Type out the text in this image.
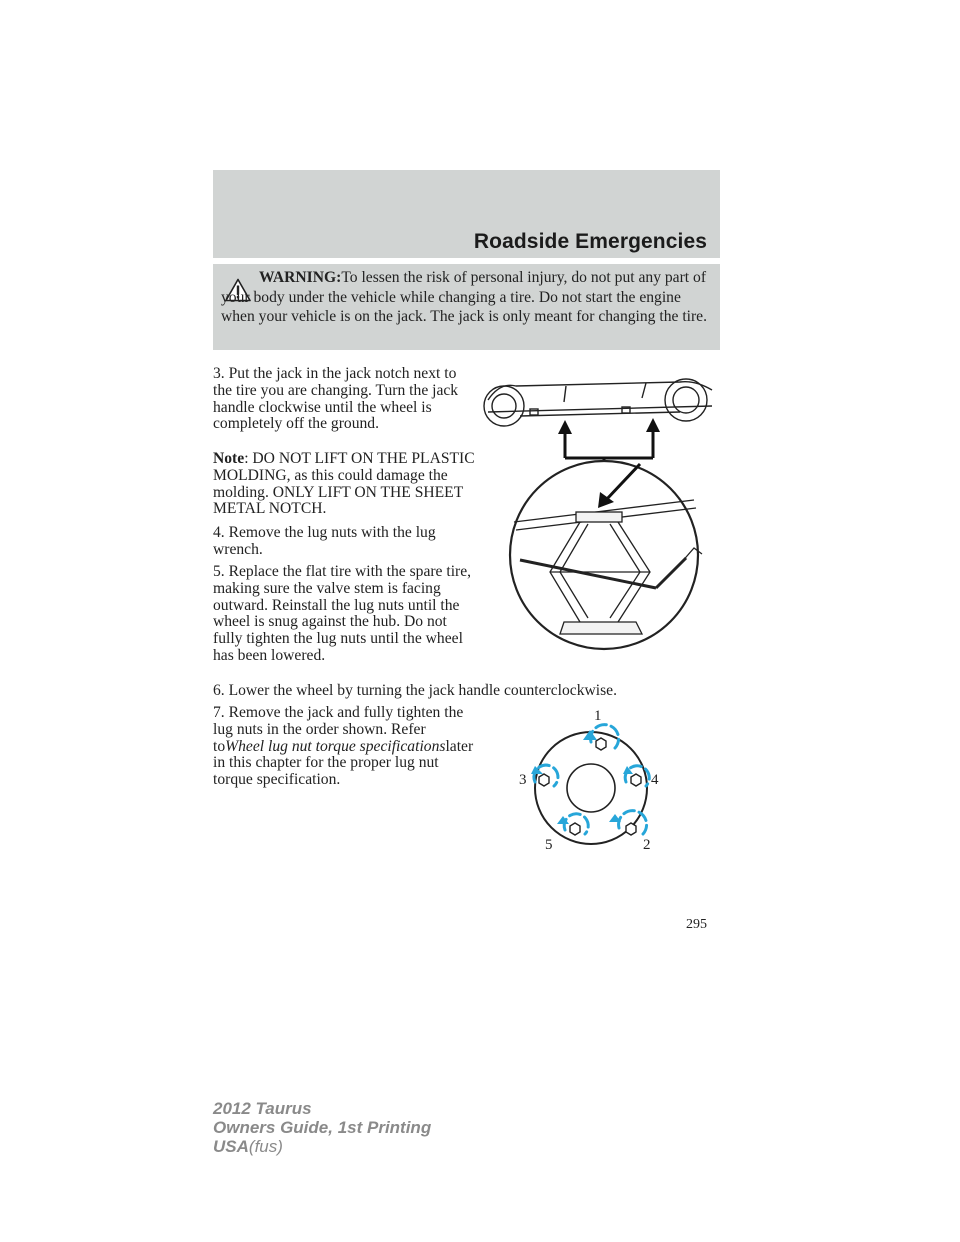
Roadside Emergencies
WARNING:To lessen the risk of personal injury, do not put any part of your body under the vehicle while changing a tire. Do not start the engine when your vehicle is on the jack. The jack is only meant for changing the tire.

3. Put the jack in the jack notch next to the tire you are changing. Turn the jack handle clockwise until the wheel is completely off the ground.

Note: DO NOT LIFT ON THE PLASTIC MOLDING, as this could damage the molding. ONLY LIFT ON THE SHEET METAL NOTCH.

4. Remove the lug nuts with the lug wrench.

5. Replace the flat tire with the spare tire, making sure the valve stem is facing outward. Reinstall the lug nuts until the wheel is snug against the hub. Do not fully tighten the lug nuts until the wheel has been lowered.

6. Lower the wheel by turning the jack handle counterclockwise.

7. Remove the jack and fully tighten the lug nuts in the order shown. Refer toWheel lug nut torque specificationslater in this chapter for the proper lug nut torque specification.

1
3	4
5	2
295
2012 Taurus
Owners Guide, 1st Printing
USA(fus)
